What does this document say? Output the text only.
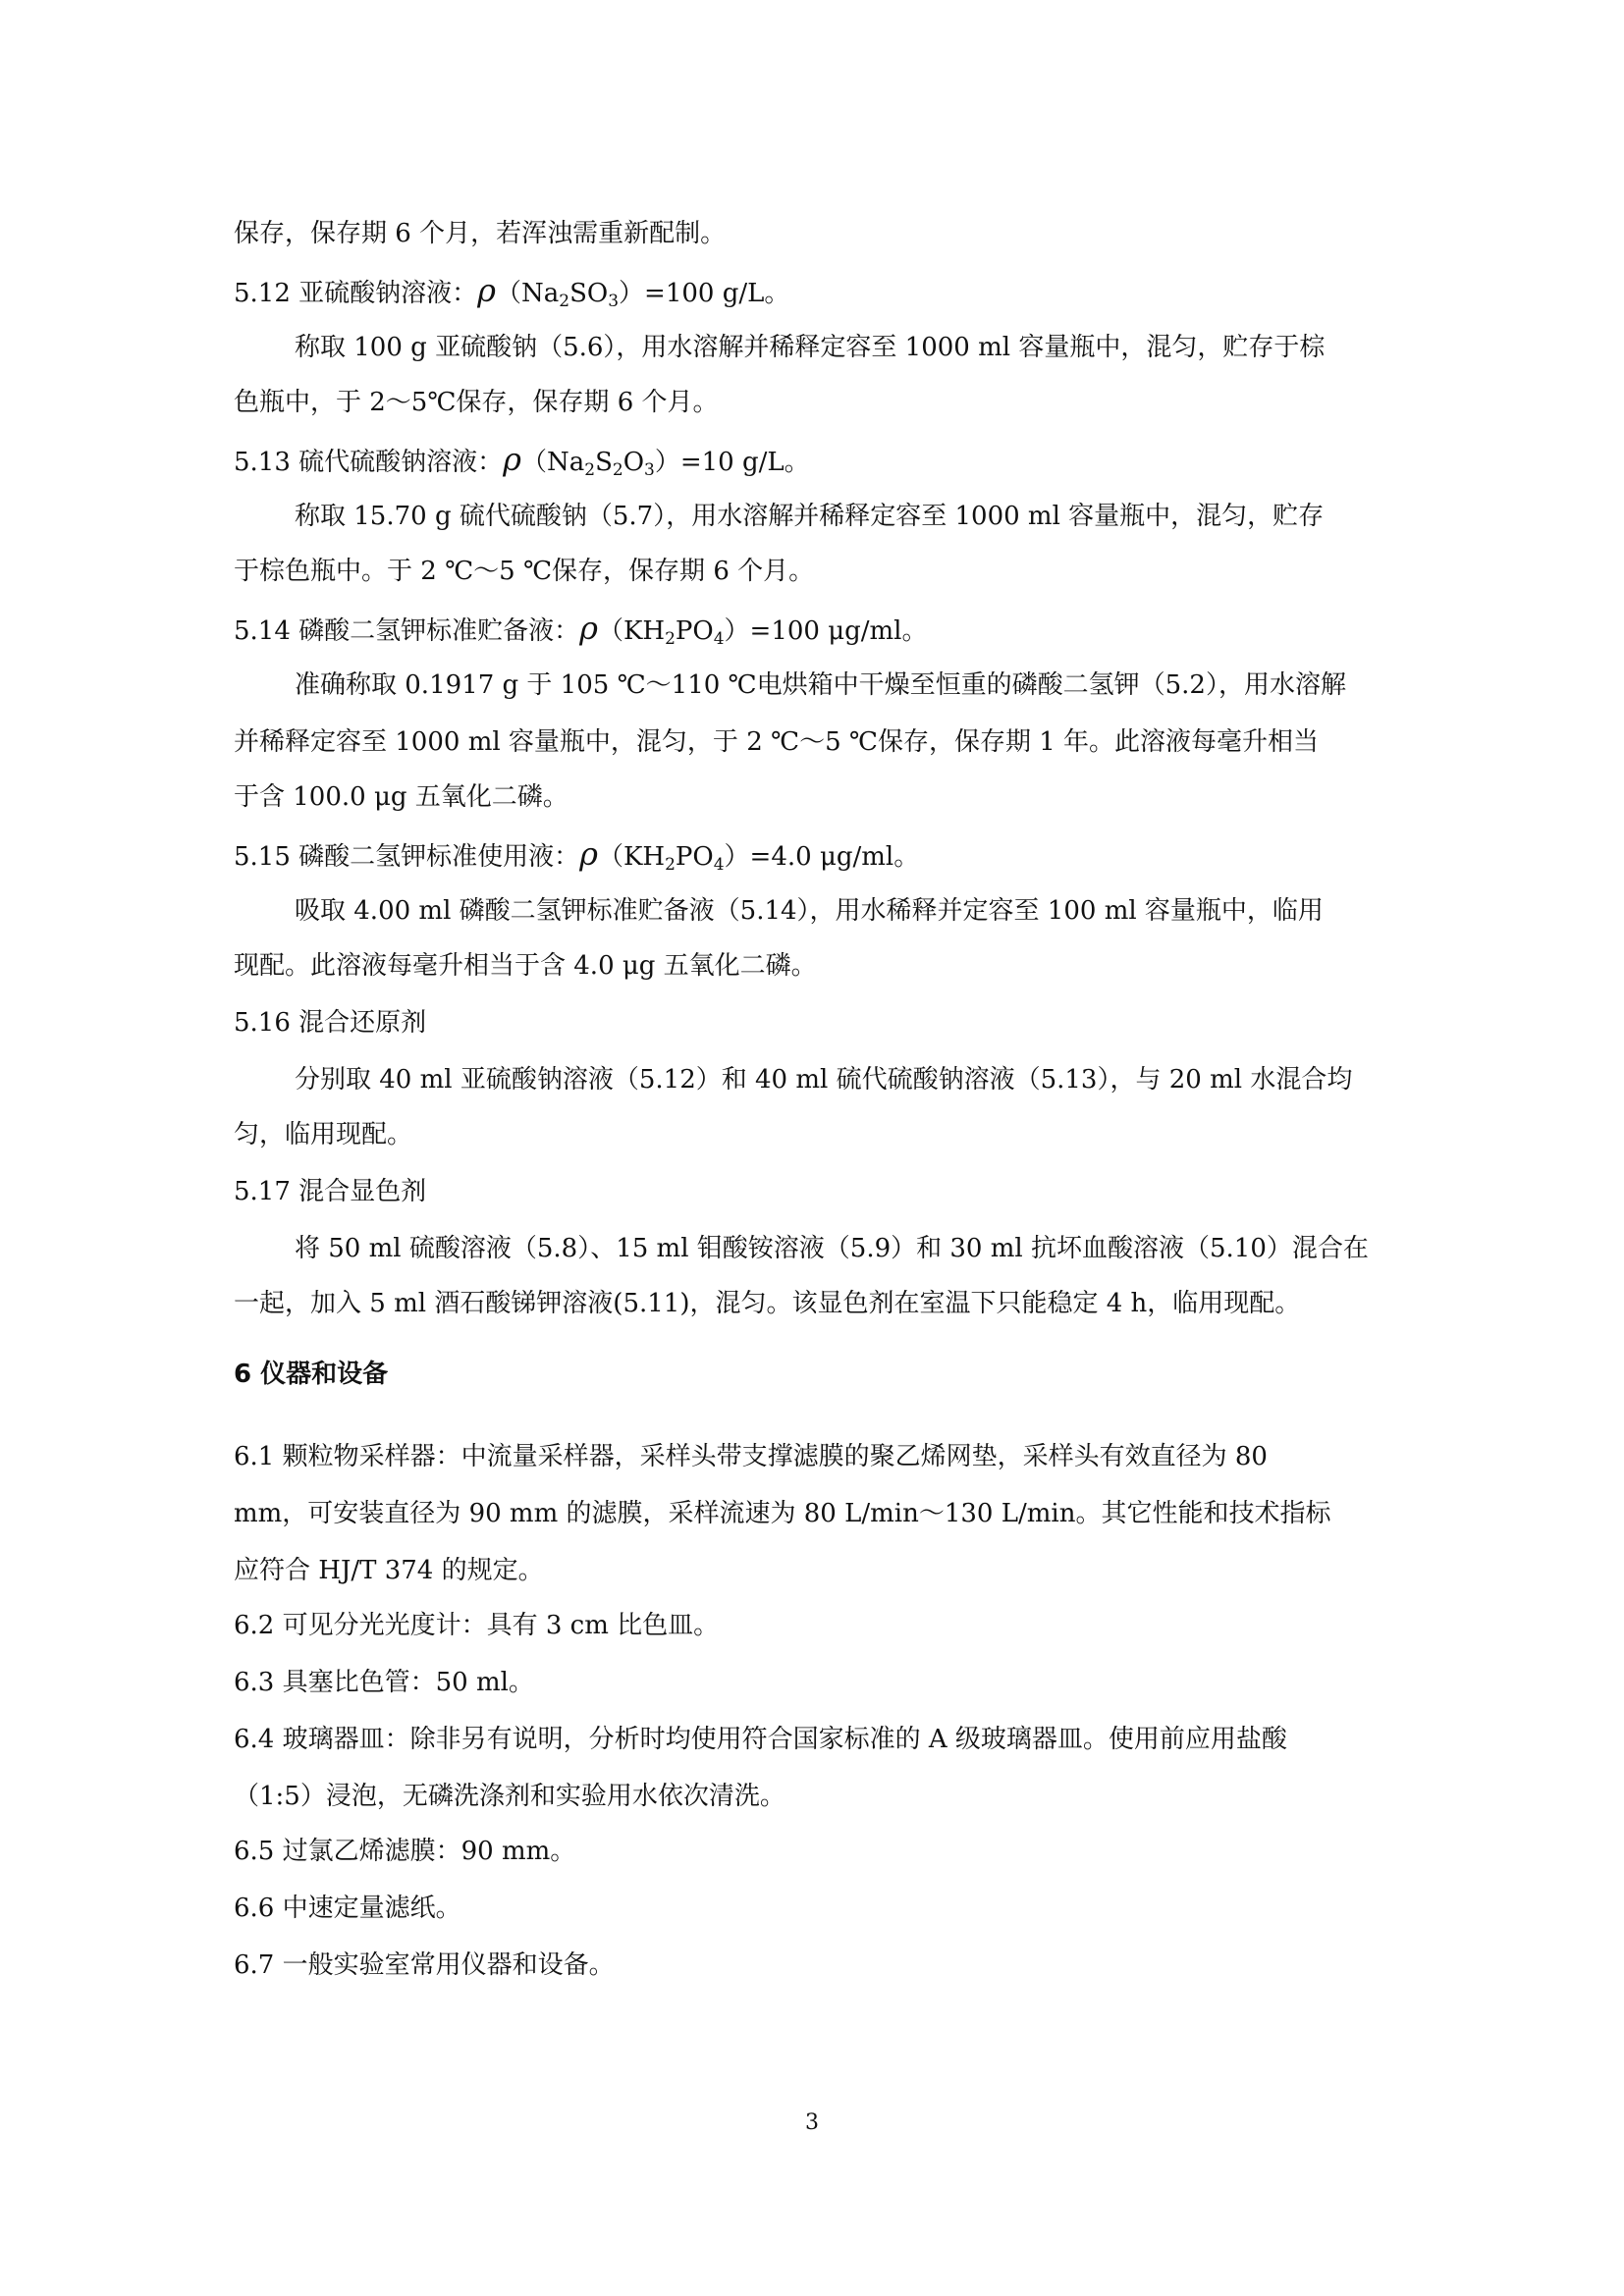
保存，保存期 6 个月，若浑浊需重新配制。
5.12 亚硫酸钠溶液：$\rho(Na_2SO_3)=100$ g/L。
称取 100 g 亚硫酸钠（5.6），用水溶解并稀释定容至 1000 ml 容量瓶中，混匀，贮存于棕
色瓶中，于 2～5℃保存，保存期 6 个月。
5.13 硫代硫酸钠溶液：$\rho(Na_2S_2O_3)=10$ g/L。
称取 15.70 g 硫代硫酸钠（5.7），用水溶解并稀释定容至 1000 ml 容量瓶中，混匀，贮存
于棕色瓶中。于 2 ℃～5 ℃保存，保存期 6 个月。
5.14 磷酸二氢钾标准贮备液：$\rho(KH_2PO_4)=100$ μg/ml。
准确称取 0.1917 g 于 105 ℃～110 ℃电烘箱中干燥至恒重的磷酸二氢钾（5.2），用水溶解
并稀释定容至 1000 ml 容量瓶中，混匀，于 2 ℃～5 ℃保存，保存期 1 年。此溶液每毫升相当
于含 100.0 μg 五氧化二磷。
5.15 磷酸二氢钾标准使用液：$\rho(KH_2PO_4)=4.0$ μg/ml。
吸取 4.00 ml 磷酸二氢钾标准贮备液（5.14），用水稀释并定容至 100 ml 容量瓶中，临用
现配。此溶液每毫升相当于含 4.0 μg 五氧化二磷。
5.16 混合还原剂
分别取 40 ml 亚硫酸钠溶液（5.12）和 40 ml 硫代硫酸钠溶液（5.13），与 20 ml 水混合均
匀，临用现配。
5.17 混合显色剂
将 50 ml 硫酸溶液（5.8）、15 ml 钼酸铵溶液（5.9）和 30 ml 抗坏血酸溶液（5.10）混合在
一起，加入 5 ml 酒石酸锑钾溶液(5.11)，混匀。该显色剂在室温下只能稳定 4 h，临用现配。
6 仪器和设备
6.1 颗粒物采样器：中流量采样器，采样头带支撑滤膜的聚乙烯网垫，采样头有效直径为 80
mm，可安装直径为 90 mm 的滤膜，采样流速为 80 L/min～130 L/min。其它性能和技术指标
应符合 HJ/T 374 的规定。
6.2 可见分光光度计：具有 3 cm 比色皿。
6.3 具塞比色管：50 ml。
6.4 玻璃器皿：除非另有说明，分析时均使用符合国家标准的 A 级玻璃器皿。使用前应用盐酸
（1:5）浸泡，无磷洗涤剂和实验用水依次清洗。
6.5 过氯乙烯滤膜：90 mm。
6.6 中速定量滤纸。
6.7 一般实验室常用仪器和设备。
3
